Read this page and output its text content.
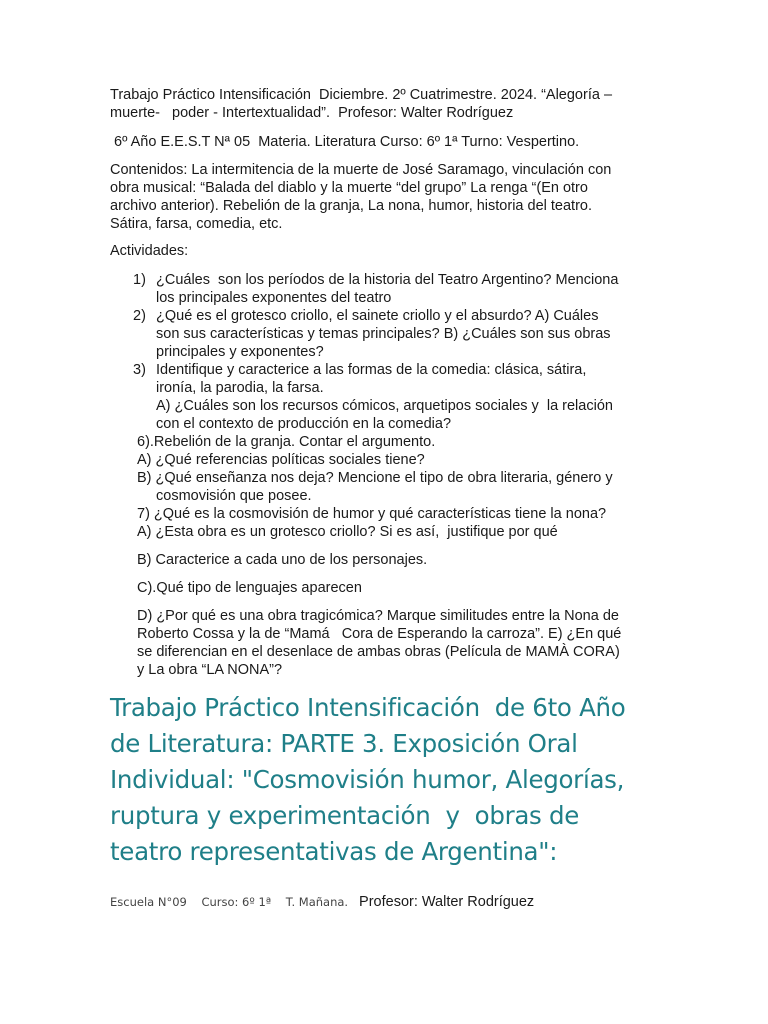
Trabajo Práctico Intensificación  Diciembre. 2º Cuatrimestre. 2024. “Alegoría –

muerte-   poder - Intertextualidad”.  Profesor: Walter Rodríguez

6º Año E.E.S.T Nª 05  Materia. Literatura Curso: 6º 1ª Turno: Vespertino.

Contenidos: La intermitencia de la muerte de José Saramago, vinculación con

obra musical: “Balada del diablo y la muerte “del grupo” La renga “(En otro

archivo anterior). Rebelión de la granja, La nona, humor, historia del teatro.

Sátira, farsa, comedia, etc.

Actividades:

1) ¿Cuáles  son los períodos de la historia del Teatro Argentino? Menciona

los principales exponentes del teatro

2) ¿Qué es el grotesco criollo, el sainete criollo y el absurdo? A) Cuáles

son sus características y temas principales? B) ¿Cuáles son sus obras

principales y exponentes?

3) Identifique y caracterice a las formas de la comedia: clásica, sátira,

ironía, la parodia, la farsa.

A) ¿Cuáles son los recursos cómicos, arquetipos sociales y  la relación

con el contexto de producción en la comedia?

6).Rebelión de la granja. Contar el argumento.

A) ¿Qué referencias políticas sociales tiene?

B) ¿Qué enseñanza nos deja? Mencione el tipo de obra literaria, género y

cosmovisión que posee.

7) ¿Qué es la cosmovisión de humor y qué características tiene la nona?

A) ¿Esta obra es un grotesco criollo? Si es así,  justifique por qué

B) Caracterice a cada uno de los personajes.

C).Qué tipo de lenguajes aparecen

D) ¿Por qué es una obra tragicómica? Marque similitudes entre la Nona de

Roberto Cossa y la de “Mamá   Cora de Esperando la carroza”. E) ¿En qué

se diferencian en el desenlace de ambas obras (Película de MAMÀ CORA)

y La obra “LA NONA”?

Trabajo Práctico Intensificación  de 6to Año
de Literatura: PARTE 3. Exposición Oral
Individual: "Cosmovisión humor, Alegorías,
ruptura y experimentación  y  obras de
teatro representativas de Argentina":
Escuela N°09    Curso: 6º 1ª    T. Mañana.   Profesor: Walter Rodríguez
